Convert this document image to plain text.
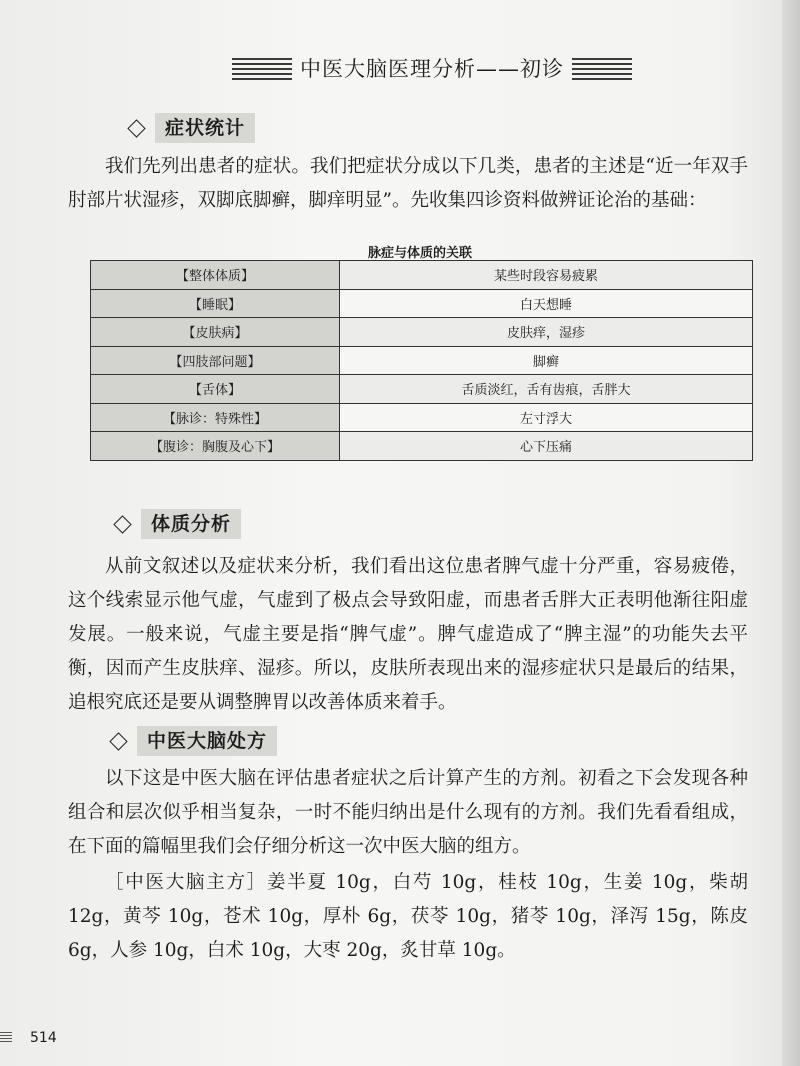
中医大脑医理分析——初诊
症状统计
我们先列出患者的症状。我们把症状分成以下几类，患者的主述是“近一年双手肘部片状湿疹，双脚底脚癣，脚痒明显”。先收集四诊资料做辨证论治的基础：
脉症与体质的关联
【整体体质】	某些时段容易疲累
【睡眠】	白天想睡
【皮肤病】	皮肤痒，湿疹
【四肢部问题】	脚癣
【舌体】	舌质淡红，舌有齿痕，舌胖大
【脉诊：特殊性】	左寸浮大
【腹诊：胸腹及心下】	心下压痛
体质分析
从前文叙述以及症状来分析，我们看出这位患者脾气虚十分严重，容易疲倦，这个线索显示他气虚，气虚到了极点会导致阳虚，而患者舌胖大正表明他渐往阳虚发展。一般来说，气虚主要是指“脾气虚”。脾气虚造成了“脾主湿”的功能失去平衡，因而产生皮肤痒、湿疹。所以，皮肤所表现出来的湿疹症状只是最后的结果，追根究底还是要从调整脾胃以改善体质来着手。
中医大脑处方
以下这是中医大脑在评估患者症状之后计算产生的方剂。初看之下会发现各种组合和层次似乎相当复杂，一时不能归纳出是什么现有的方剂。我们先看看组成，在下面的篇幅里我们会仔细分析这一次中医大脑的组方。
［中医大脑主方］姜半夏 10g，白芍 10g，桂枝 10g，生姜 10g，柴胡 12g，黄芩 10g，苍术 10g，厚朴 6g，茯苓 10g，猪苓 10g，泽泻 15g，陈皮 6g，人参 10g，白术 10g，大枣 20g，炙甘草 10g。
514
